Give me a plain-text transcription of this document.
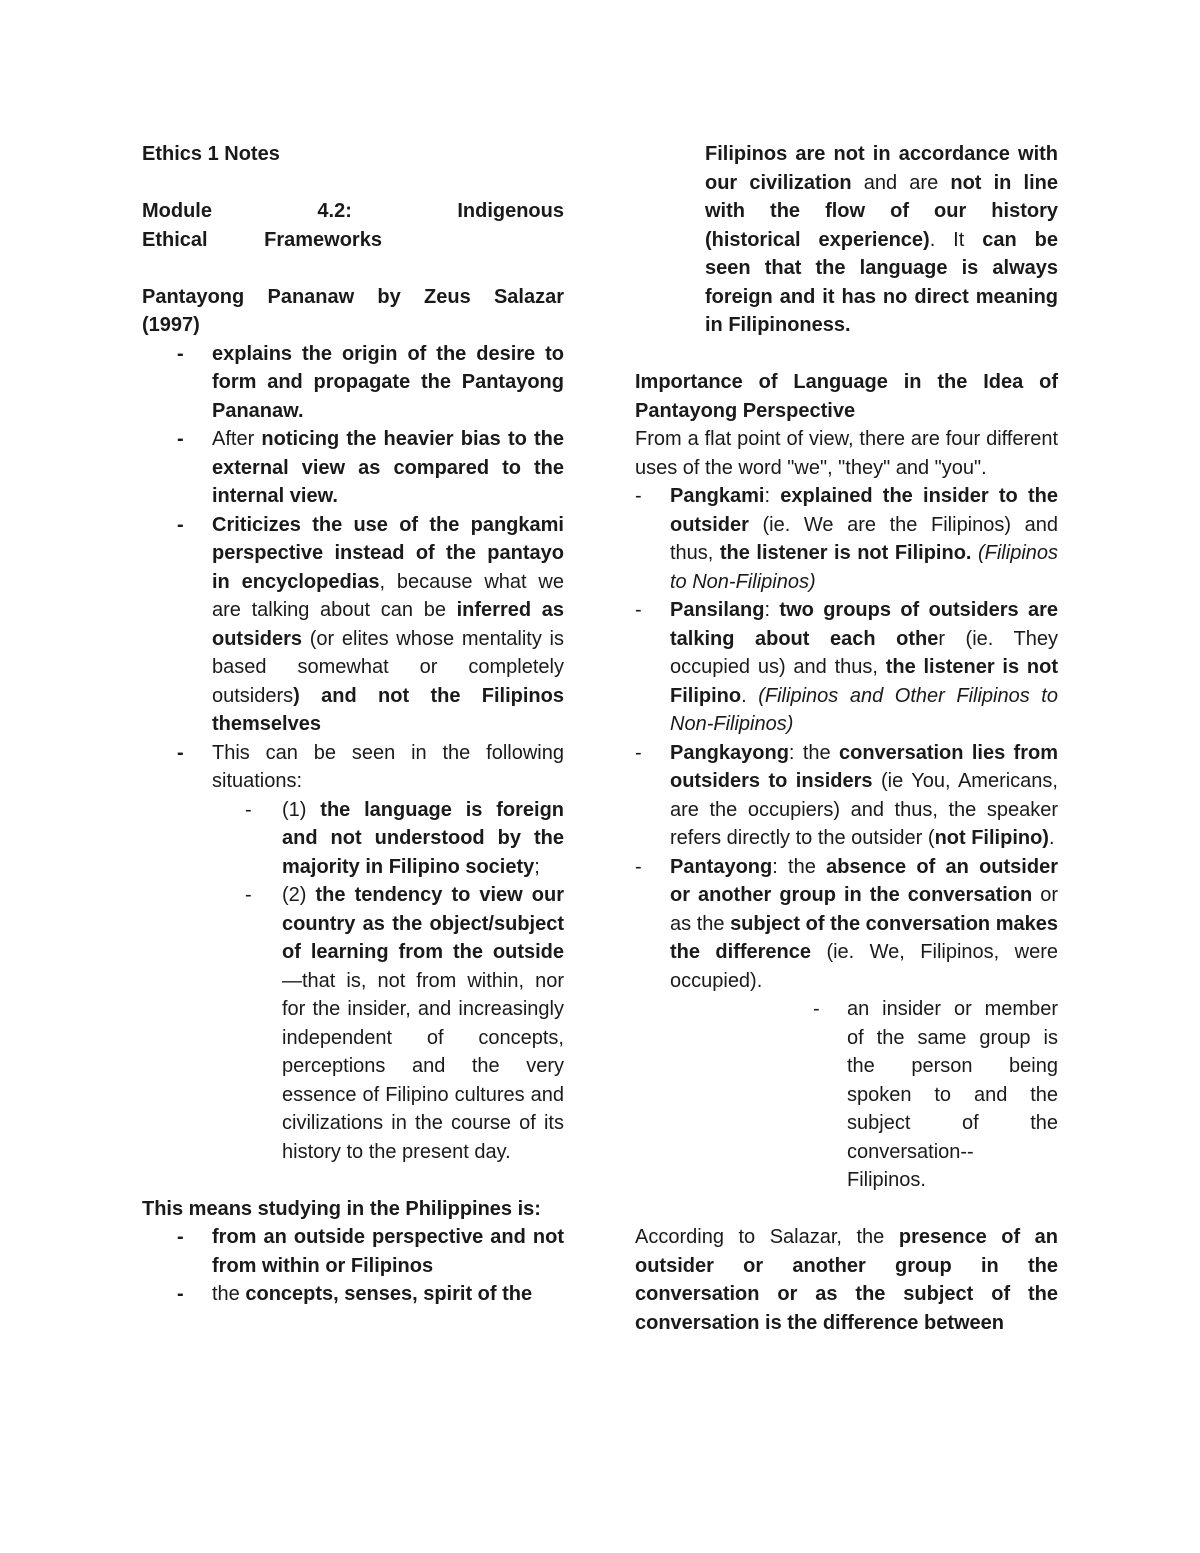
Ethics 1 Notes

Module 4.2: Indigenous Ethical Frameworks

Pantayong Pananaw by Zeus Salazar (1997)

- explains the origin of the desire to form and propagate the Pantayong Pananaw.
- After noticing the heavier bias to the external view as compared to the internal view.
- Criticizes the use of the pangkami perspective instead of the pantayo in encyclopedias, because what we are talking about can be inferred as outsiders (or elites whose mentality is based somewhat or completely outsiders) and not the Filipinos themselves
- This can be seen in the following situations:
- (1) the language is foreign and not understood by the majority in Filipino society;
- (2) the tendency to view our country as the object/subject of learning from the outside—that is, not from within, nor for the insider, and increasingly independent of concepts, perceptions and the very essence of Filipino cultures and civilizations in the course of its history to the present day.

This means studying in the Philippines is:

- from an outside perspective and not from within or Filipinos
- the concepts, senses, spirit of the

Filipinos are not in accordance with our civilization and are not in line with the flow of our history (historical experience). It can be seen that the language is always foreign and it has no direct meaning in Filipinoness.

Importance of Language in the Idea of Pantayong Perspective

From a flat point of view, there are four different uses of the word "we", "they" and "you".

- Pangkami: explained the insider to the outsider (ie. We are the Filipinos) and thus, the listener is not Filipino. (Filipinos to Non-Filipinos)
- Pansilang: two groups of outsiders are talking about each other (ie. They occupied us) and thus, the listener is not Filipino. (Filipinos and Other Filipinos to Non-Filipinos)
- Pangkayong: the conversation lies from outsiders to insiders (ie You, Americans, are the occupiers) and thus, the speaker refers directly to the outsider (not Filipino).
- Pantayong: the absence of an outsider or another group in the conversation or as the subject of the conversation makes the difference (ie. We, Filipinos, were occupied).
- an insider or member of the same group is the person being spoken to and the subject of the conversation-- Filipinos.

According to Salazar, the presence of an outsider or another group in the conversation or as the subject of the conversation is the difference between
